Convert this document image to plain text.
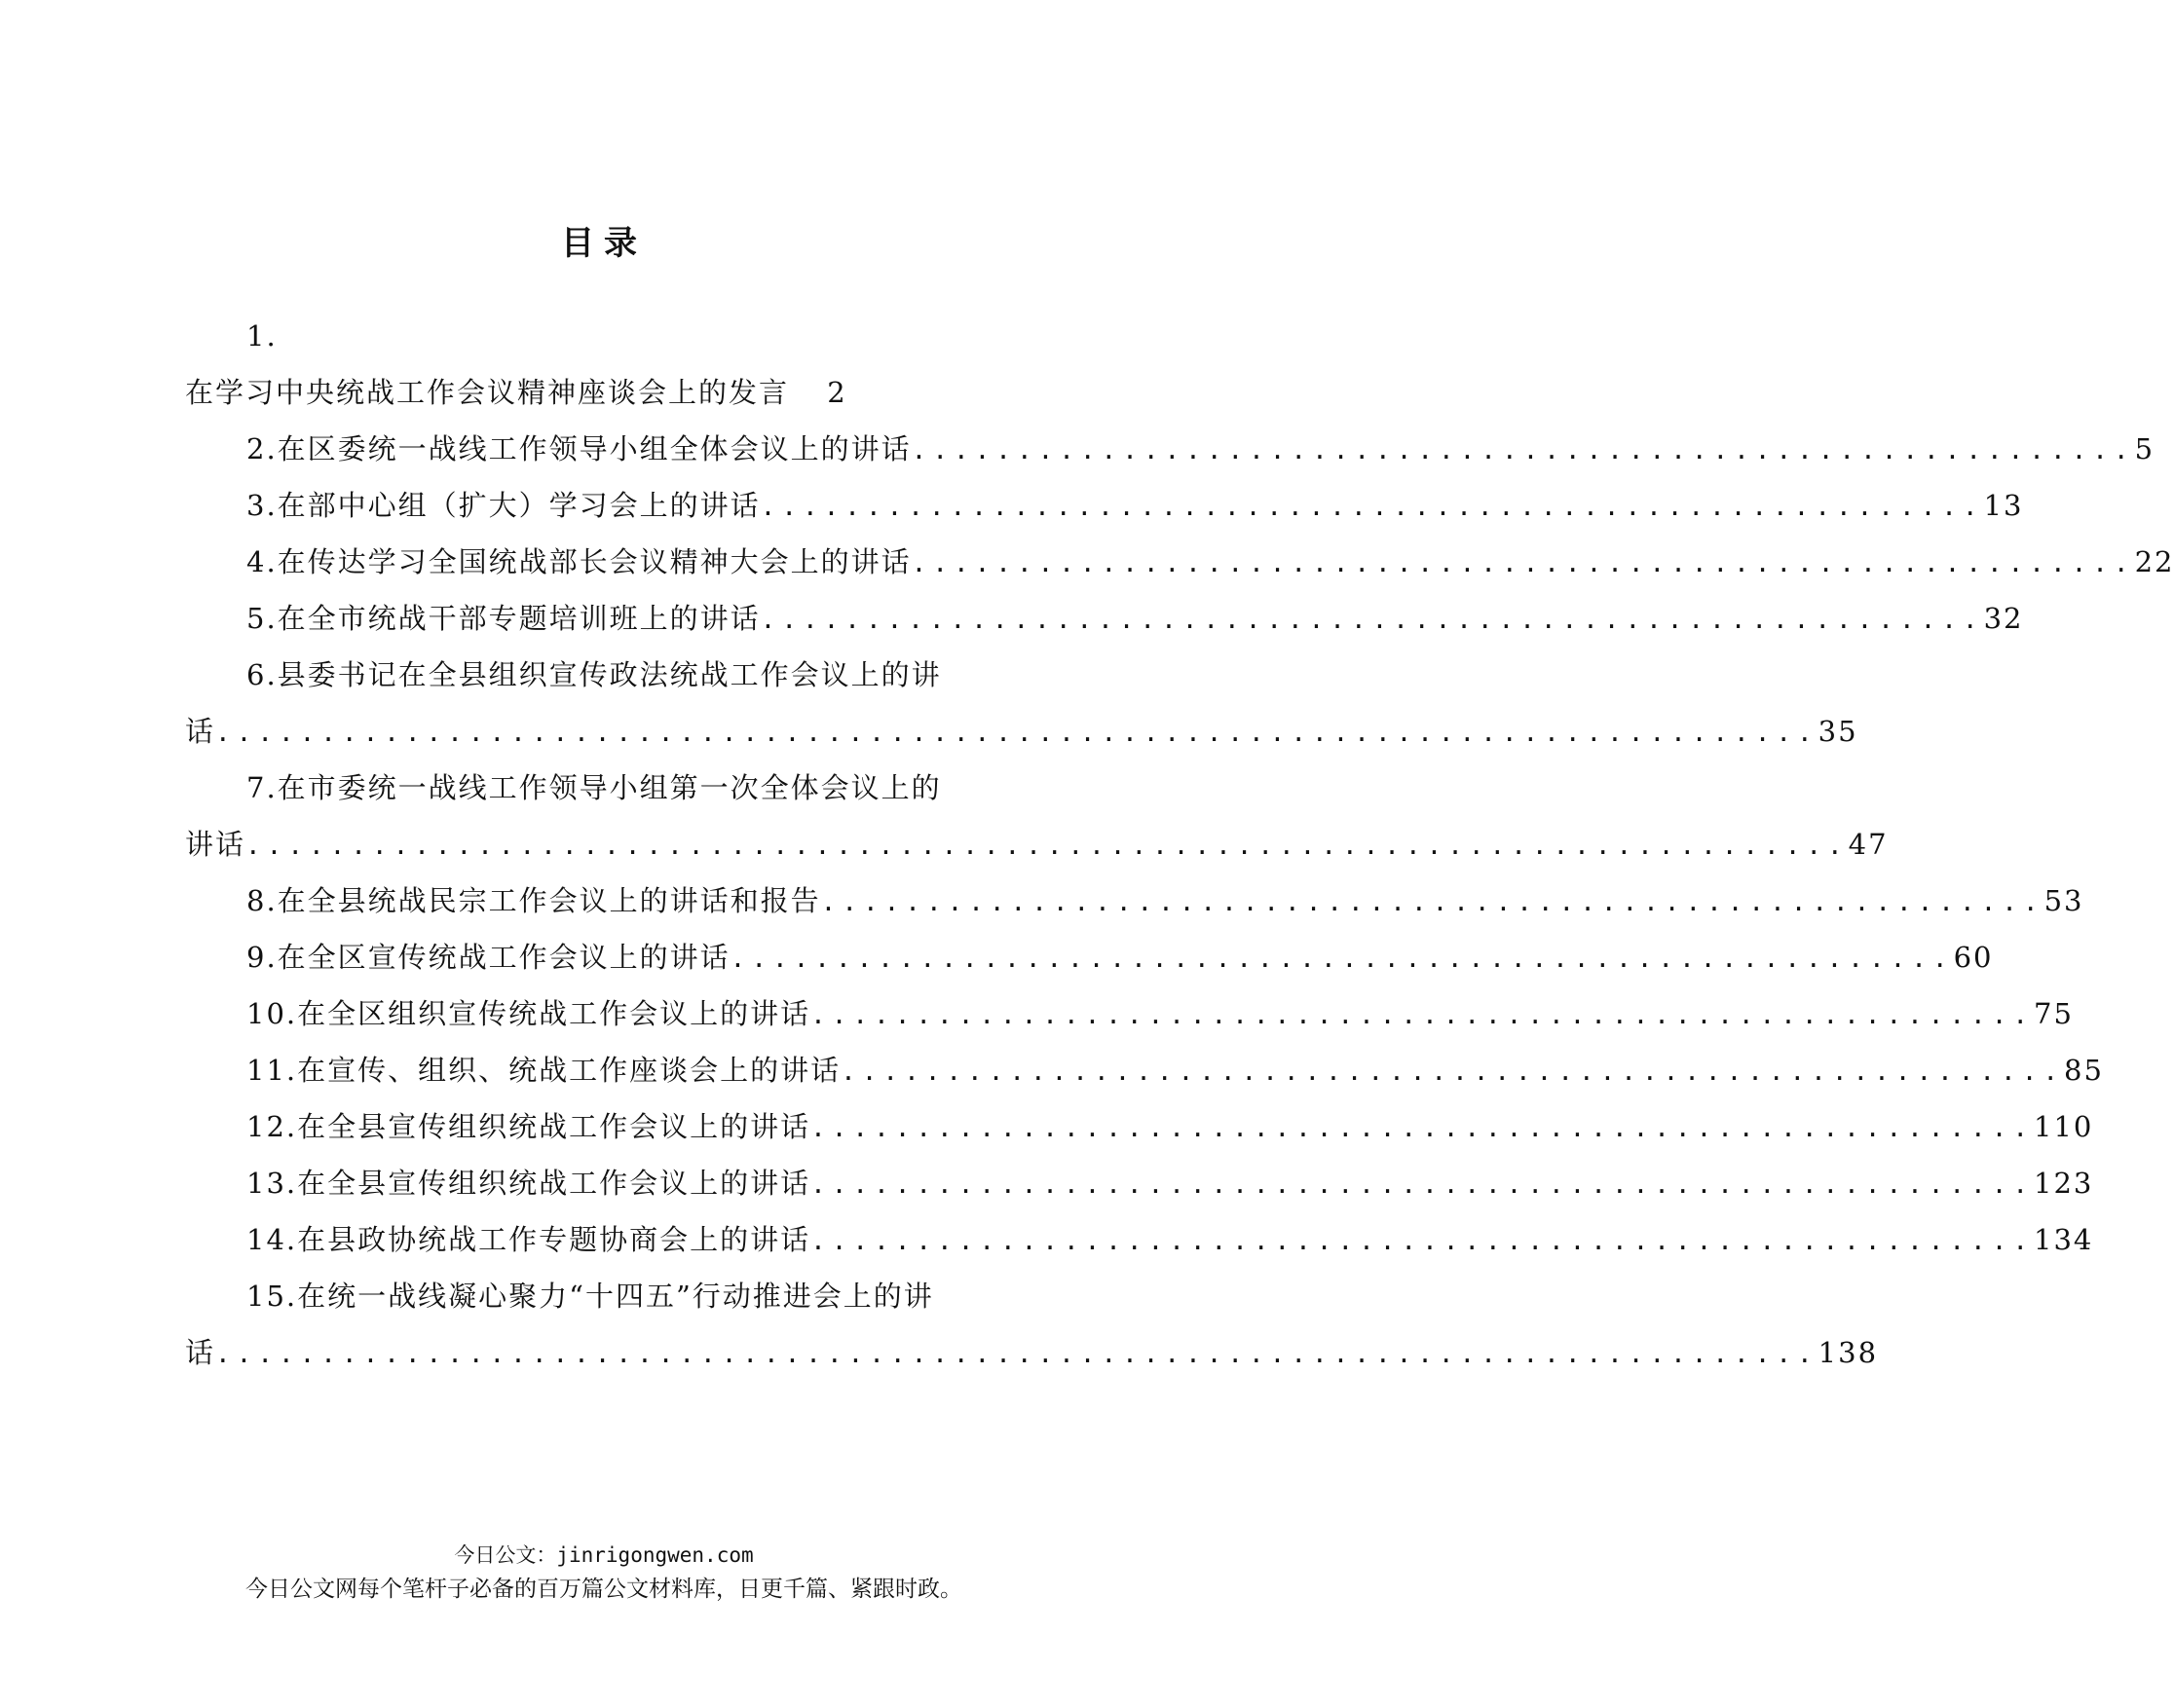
目录
1.
在学习中央统战工作会议精神座谈会上的发言 2
2.在区委统一战线工作领导小组全体会议上的讲话 .......................................................... 5
3.在部中心组（扩大）学习会上的讲话 .......................................................... 13
4.在传达学习全国统战部长会议精神大会上的讲话 .......................................................... 22
5.在全市统战干部专题培训班上的讲话 .......................................................... 32
6.县委书记在全县组织宣传政法统战工作会议上的讲
话 ............................................................................ 35
7.在市委统一战线工作领导小组第一次全体会议上的
讲话 ............................................................................ 47
8.在全县统战民宗工作会议上的讲话和报告 .......................................................... 53
9.在全区宣传统战工作会议上的讲话 .......................................................... 60
10.在全区组织宣传统战工作会议上的讲话 .......................................................... 75
11.在宣传、组织、统战工作座谈会上的讲话 .......................................................... 85
12.在全县宣传组织统战工作会议上的讲话 .......................................................... 110
13.在全县宣传组织统战工作会议上的讲话 .......................................................... 123
14.在县政协统战工作专题协商会上的讲话 .......................................................... 134
15.在统一战线凝心聚力“十四五”行动推进会上的讲
话 ............................................................................ 138
今日公文：jinrigongwen.com
今日公文网每个笔杆子必备的百万篇公文材料库，日更千篇、紧跟时政。
